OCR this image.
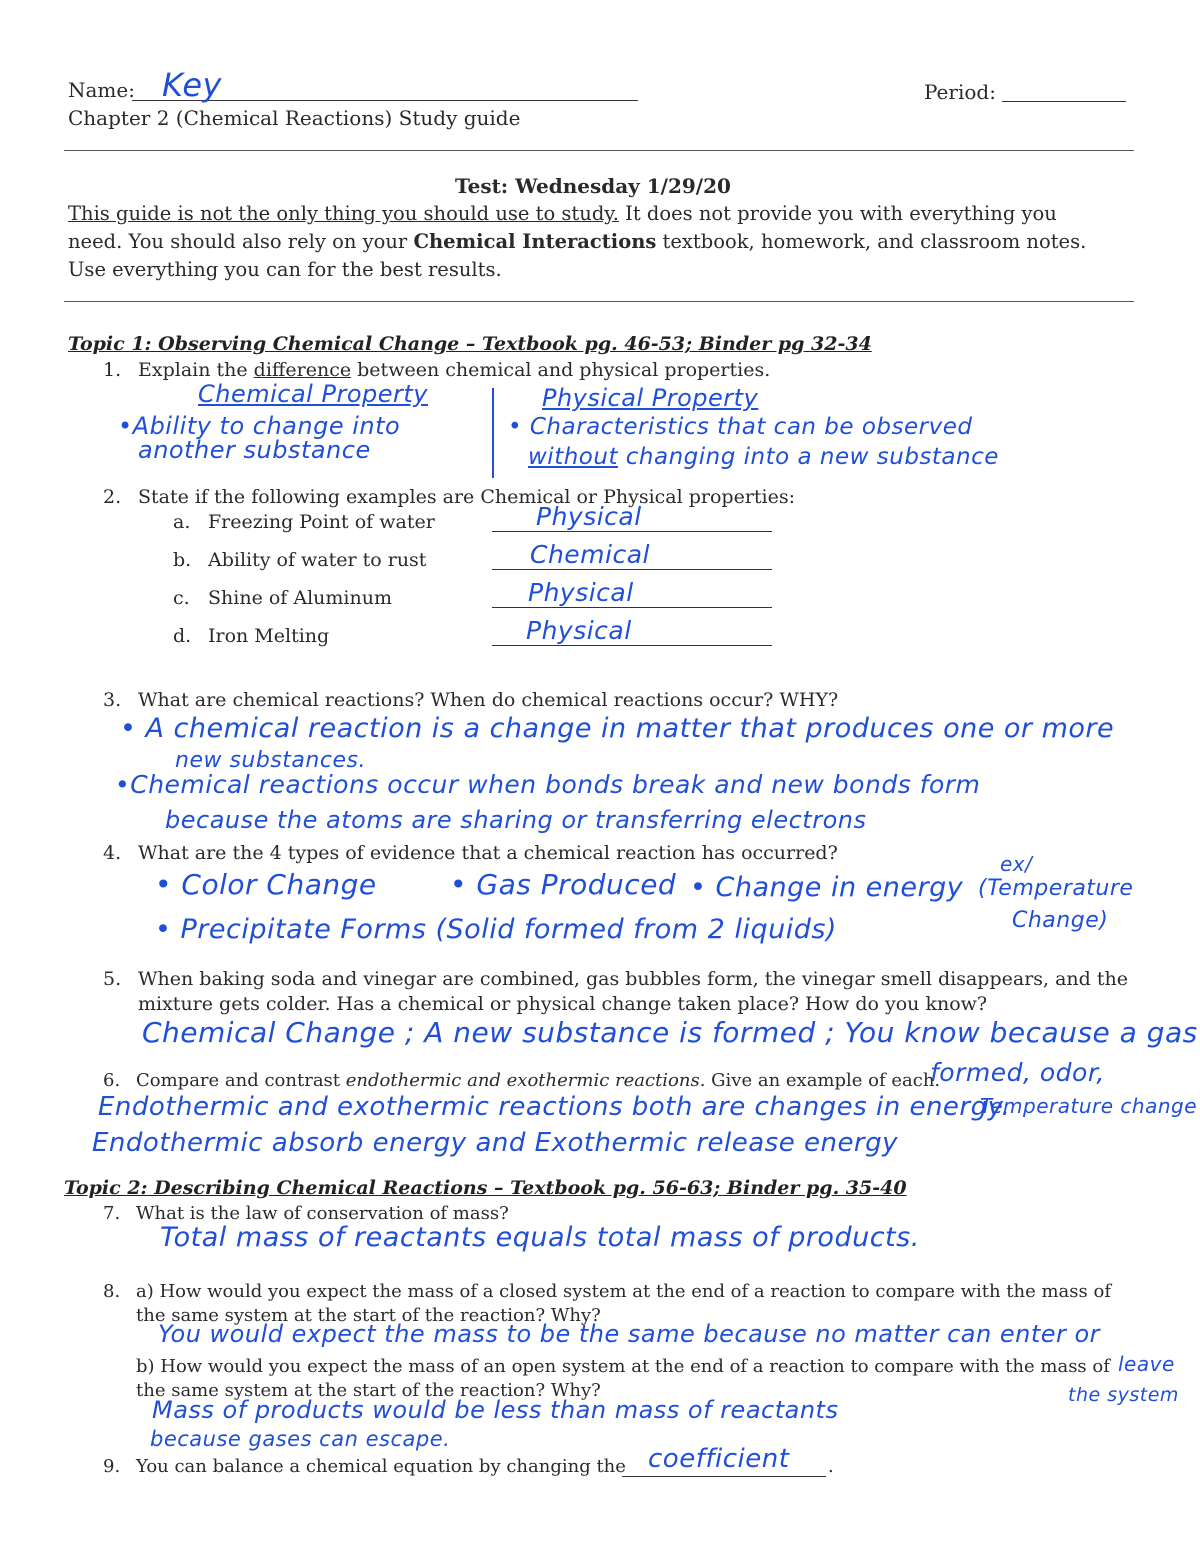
Name: Key	Period:
Chapter 2 (Chemical Reactions) Study guide
Test: Wednesday 1/29/20
This guide is not the only thing you should use to study. It does not provide you with everything you
need. You should also rely on your Chemical Interactions textbook, homework, and classroom notes.
Use everything you can for the best results.
Topic 1: Observing Chemical Change – Textbook pg. 46-53; Binder pg 32-34
1. Explain the difference between chemical and physical properties.
Chemical Property
•Ability to change into
another substance
Physical Property
• Characteristics that can be observed
without changing into a new substance
2. State if the following examples are Chemical or Physical properties:
a. Freezing Point of water	Physical
b. Ability of water to rust	Chemical
c. Shine of Aluminum	Physical
d. Iron Melting	Physical
3. What are chemical reactions? When do chemical reactions occur? WHY?
• A chemical reaction is a change in matter that produces one or more
new substances.
•Chemical reactions occur when bonds break and new bonds form
because the atoms are sharing or transferring electrons
4. What are the 4 types of evidence that a chemical reaction has occurred?
• Color Change	• Gas Produced • Change in energy
ex/
(Temperature
Change)
• Precipitate Forms (Solid formed from 2 liquids)
5. When baking soda and vinegar are combined, gas bubbles form, the vinegar smell disappears, and the
mixture gets colder. Has a chemical or physical change taken place? How do you know?
Chemical Change ; A new substance is formed ; You know because a gas
formed, odor,
Temperature change
6. Compare and contrast endothermic and exothermic reactions. Give an example of each.
Endothermic and exothermic reactions both are changes in energy.
Endothermic absorb energy and Exothermic release energy
Topic 2: Describing Chemical Reactions – Textbook pg. 56-63; Binder pg. 35-40
7. What is the law of conservation of mass?
Total mass of reactants equals total mass of products.
8. a) How would you expect the mass of a closed system at the end of a reaction to compare with the mass of
the same system at the start of the reaction? Why?
You would expect the mass to be the same because no matter can enter or
leave
the system
b) How would you expect the mass of an open system at the end of a reaction to compare with the mass of
the same system at the start of the reaction? Why?
Mass of products would be less than mass of reactants
because gases can escape.
9. You can balance a chemical equation by changing the coefficient .
